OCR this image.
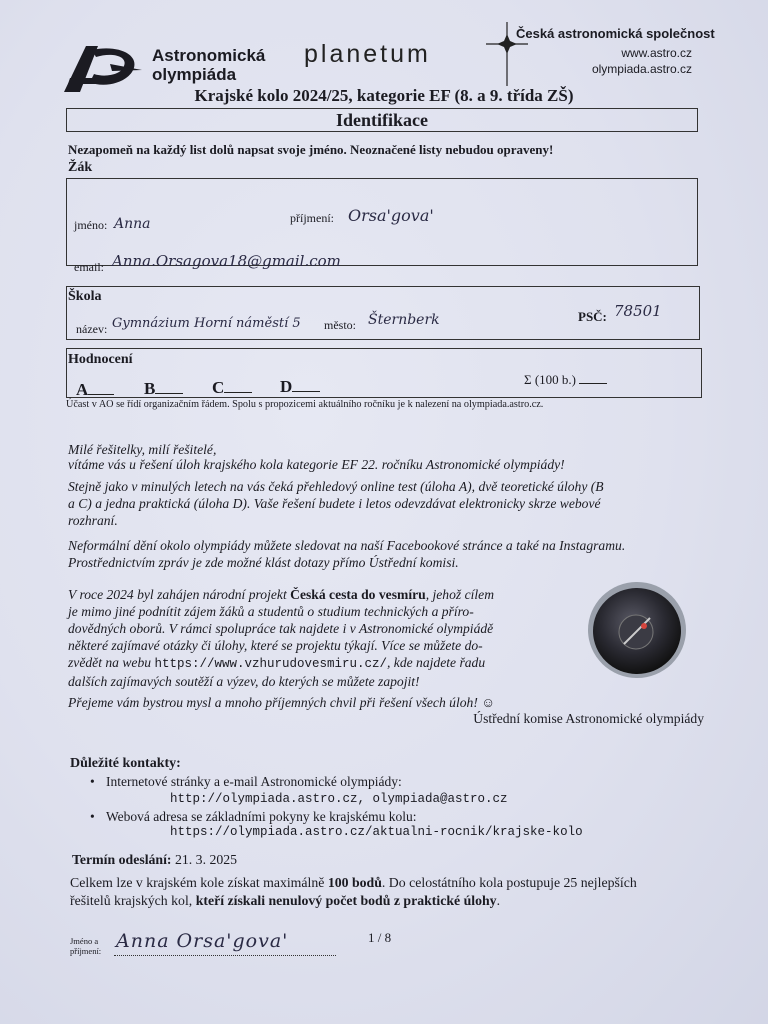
Astronomická
olympiáda
planetum
Česká astronomická společnost
www.astro.cz
olympiada.astro.cz
Krajské kolo 2024/25, kategorie EF (8. a 9. třída ZŠ)
Identifikace
Nezapomeň na každý list dolů napsat svoje jméno. Neoznačené listy nebudou opraveny!
Žák
jméno: Anna	příjmení: Orsa'gova'
email: Anna.Orsagova18@gmail.com
Škola
název: Gymnázium Horní náměstí 5 město: Šternberk	PSČ: 78501
Hodnocení
A	B	C	D	Σ (100 b.)
Účast v AO se řídí organizačním řádem. Spolu s propozicemi aktuálního ročníku je k nalezení na olympiada.astro.cz.

Milé řešitelky, milí řešitelé,

vítáme vás u řešení úloh krajského kola kategorie EF 22. ročníku Astronomické olympiády!

Stejně jako v minulých letech na vás čeká přehledový online test (úloha A), dvě teoretické úlohy (B
a C) a jedna praktická (úloha D). Vaše řešení budete i letos odevzdávat elektronicky skrze webové
rozhraní.

Neformální dění okolo olympiády můžete sledovat na naší Facebookové stránce a také na Instagramu.
Prostřednictvím zpráv je zde možné klást dotazy přímo Ústřední komisi.

V roce 2024 byl zahájen národní projekt Česká cesta do vesmíru, jehož cílem
je mimo jiné podnítit zájem žáků a studentů o studium technických a příro-
dovědných oborů. V rámci spolupráce tak najdete i v Astronomické olympiádě
některé zajímavé otázky či úlohy, které se projektu týkají. Více se můžete do-
zvědět na webu https://www.vzhurudovesmiru.cz/, kde najdete řadu
dalších zajímavých soutěží a výzev, do kterých se můžete zapojit!

Přejeme vám bystrou mysl a mnoho příjemných chvil při řešení všech úloh! ☺

Ústřední komise Astronomické olympiády
Důležité kontakty:
• Internetové stránky a e-mail Astronomické olympiády:
http://olympiada.astro.cz, olympiada@astro.cz
• Webová adresa se základními pokyny ke krajskému kolu:
https://olympiada.astro.cz/aktualni-rocnik/krajske-kolo
Termín odeslání: 21. 3. 2025
Celkem lze v krajském kole získat maximálně 100 bodů. Do celostátního kola postupuje 25 nejlepších
řešitelů krajských kol, kteří získali nenulový počet bodů z praktické úlohy.
Jméno a
příjmení: Anna Orsa'gova'	1 / 8
